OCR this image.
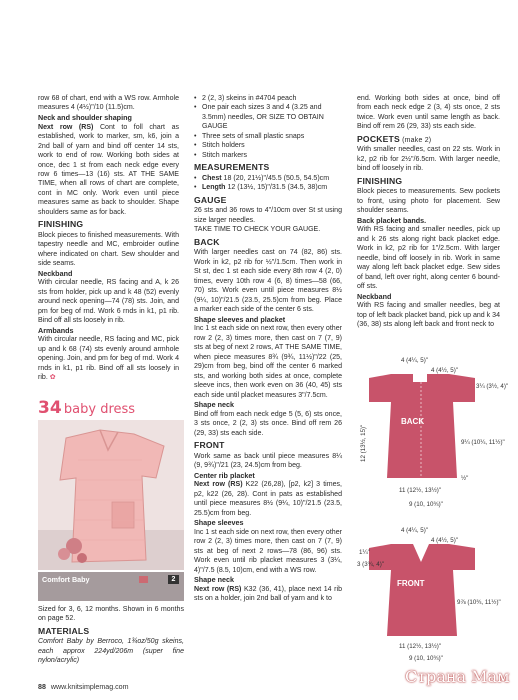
row 68 of chart, end with a WS row. Armhole measures 4 (4½)"/10 (11.5)cm.

Neck and shoulder shaping

Next row (RS) Cont to foll chart as established, work to marker, sm, k6, join a 2nd ball of yarn and bind off center 14 sts, work to end of row. Working both sides at once, dec 1 st from each neck edge every row 6 times—13 (16) sts. AT THE SAME TIME, when all rows of chart are complete, cont in MC only. Work even until piece measures same as back to shoulder. Shape shoulders same as for back.

FINISHING

Block pieces to finished measurements. With tapestry needle and MC, embroider outline where indicated on chart. Sew shoulder and side seams.

Neckband

With circular needle, RS facing and A, k 26 sts from holder, pick up and k 48 (52) evenly around neck opening—74 (78) sts. Join, and pm for beg of rnd. Work 6 rnds in k1, p1 rib. Bind off all sts loosely in rib.

Armbands

With circular needle, RS facing and MC, pick up and k 68 (74) sts evenly around armhole opening. Join, and pm for beg of rnd. Work 4 rnds in k1, p1 rib. Bind off all sts loosely in rib. ✿

34 baby dress
Comfort Baby	2

Sized for 3, 6, 12 months. Shown in 6 months on page 52.

MATERIALS

Comfort Baby by Berroco, 1¾oz/50g skeins, each approx 224yd/206m (super fine nylon/acrylic)

• 2 (2, 3) skeins in #4704 peach
• One pair each sizes 3 and 4 (3.25 and 3.5mm) needles, OR SIZE TO OBTAIN GAUGE
• Three sets of small plastic snaps
• Stitch holders
• Stitch markers
MEASUREMENTS
• Chest 18 (20, 21½)"/45.5 (50.5, 54.5)cm
• Length 12 (13½, 15)"/31.5 (34.5, 38)cm
GAUGE

26 sts and 36 rows to 4"/10cm over St st using size larger needles.

TAKE TIME TO CHECK YOUR GAUGE.

BACK

With larger needles cast on 74 (82, 86) sts. Work in k2, p2 rib for ½"/1.5cm. Then work in St st, dec 1 st each side every 8th row 4 (2, 0) times, every 10th row 4 (6, 8) times—58 (66, 70) sts. Work even until piece measures 8½ (9¼, 10)"/21.5 (23.5, 25.5)cm from beg. Place a marker each side of the center 6 sts.

Shape sleeves and placket

Inc 1 st each side on next row, then every other row 2 (2, 3) times more, then cast on 7 (7, 9) sts at beg of next 2 rows, AT THE SAME TIME, when piece measures 8¾ (9¾, 11½)"/22 (25, 29)cm from beg, bind off the center 6 marked sts, and working both sides at once, complete sleeve incs, then work even on 36 (40, 45) sts each side until placket measures 3"/7.5cm.

Shape neck

Bind off from each neck edge 5 (5, 6) sts once, 3 sts once, 2 (2, 3) sts once. Bind off rem 26 (29, 33) sts each side.

FRONT

Work same as back until piece measures 8¼ (9, 9¾)"/21 (23, 24.5)cm from beg.

Center rib placket

Next row (RS) K22 (26,28), [p2, k2] 3 times, p2, k22 (26, 28). Cont in pats as established until piece measures 8½ (9¼, 10)"/21.5 (23.5, 25.5)cm from beg.

Shape sleeves

Inc 1 st each side on next row, then every other row 2 (2, 3) times more, then cast on 7 (7, 9) sts at beg of next 2 rows—78 (86, 96) sts. Work even until rib placket measures 3 (3¼, 4)"/7.5 (8.5, 10)cm, end with a WS row.

Shape neck

Next row (RS) K32 (36, 41), place next 14 rib sts on a holder, join 2nd ball of yarn and k to

end. Working both sides at once, bind off from each neck edge 2 (3, 4) sts once, 2 sts twice. Work even until same length as back. Bind off rem 26 (29, 33) sts each side.

POCKETS (make 2)

With smaller needles, cast on 22 sts. Work in k2, p2 rib for 2½"/6.5cm. With larger needle, bind off loosely in rib.

FINISHING

Block pieces to measurements. Sew pockets to front, using photo for placement. Sew shoulder seams.

Back placket bands.

With RS facing and smaller needles, pick up and k 26 sts along right back placket edge. Work in k2, p2 rib for 1"/2.5cm. With larger needle, bind off loosely in rib. Work in same way along left back placket edge. Sew sides of band, left over right, along center 6 bound-off sts.

Neckband

With RS facing and smaller needles, beg at top of left back placket band, pick up and k 34 (36, 38) sts along left back and front neck to

BACK
4 (4¼, 5)"
4 (4½, 5)"
12 (13½, 15)"
3¼ (3½, 4)"
9¼ (10¼, 11½)"
½"
11 (12½, 13½)"
9 (10, 10¾)"
FRONT
4 (4¼, 5)"
4 (4½, 5)"
1¼"
3 (3¾, 4)"
9⅞ (10¾, 11½)"
11 (12½, 13½)"
9 (10, 10¾)"
88 www.knitsimplemag.com
Страна Мам
